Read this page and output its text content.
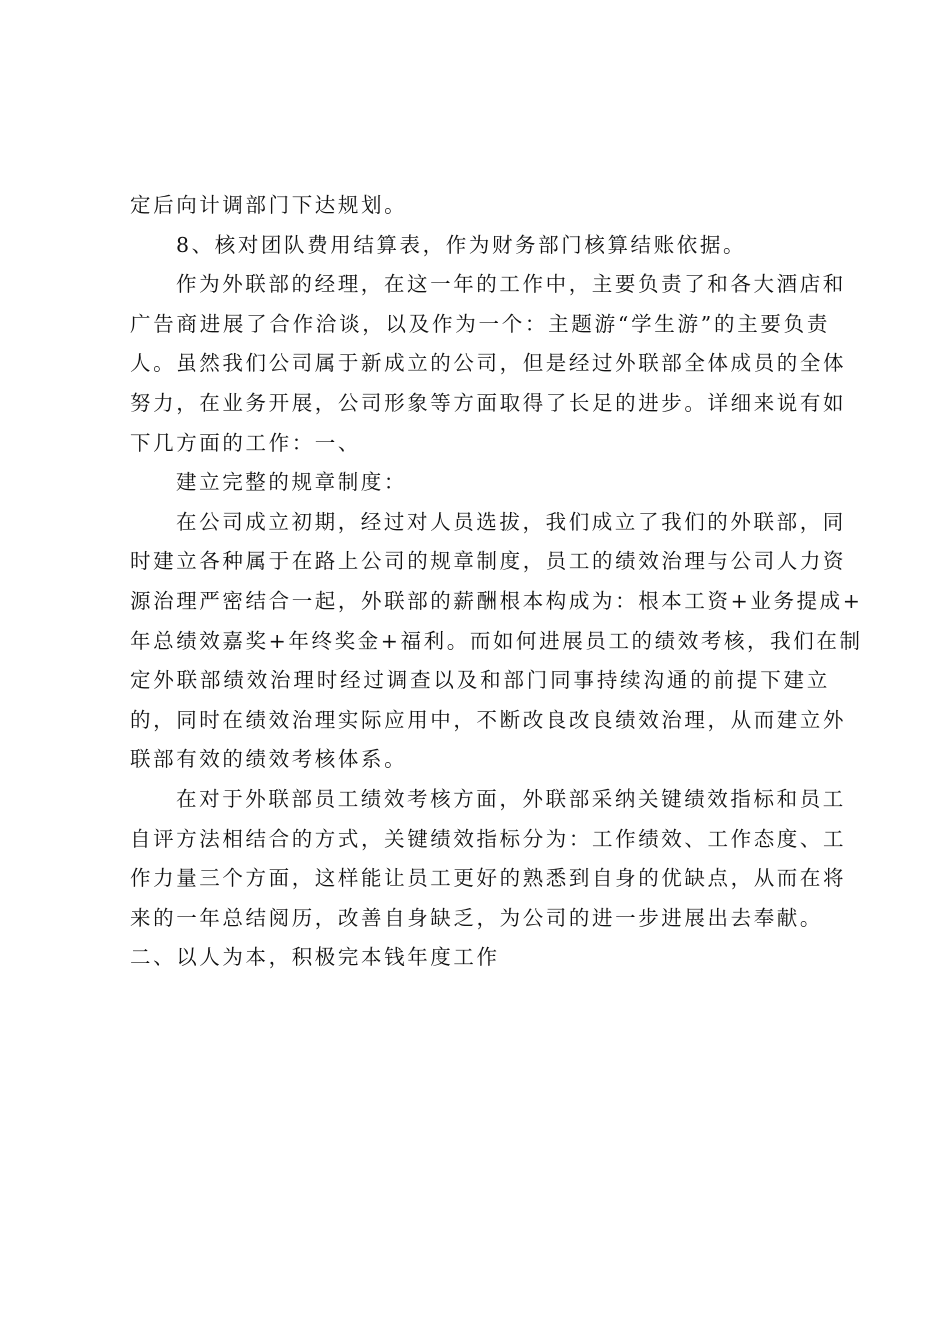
定后向计调部门下达规划。

8、核对团队费用结算表，作为财务部门核算结账依据。

作为外联部的经理，在这一年的工作中，主要负责了和各大酒店和
广告商进展了合作洽谈，以及作为一个：主题游“学生游”的主要负责
人。虽然我们公司属于新成立的公司，但是经过外联部全体成员的全体
努力，在业务开展，公司形象等方面取得了长足的进步。详细来说有如
下几方面的工作：一、

建立完整的规章制度：

在公司成立初期，经过对人员选拔，我们成立了我们的外联部，同
时建立各种属于在路上公司的规章制度，员工的绩效治理与公司人力资
源治理严密结合一起，外联部的薪酬根本构成为：根本工资+业务提成+
年总绩效嘉奖+年终奖金+福利。而如何进展员工的绩效考核，我们在制
定外联部绩效治理时经过调查以及和部门同事持续沟通的前提下建立
的，同时在绩效治理实际应用中，不断改良改良绩效治理，从而建立外
联部有效的绩效考核体系。

在对于外联部员工绩效考核方面，外联部采纳关键绩效指标和员工
自评方法相结合的方式，关键绩效指标分为：工作绩效、工作态度、工
作力量三个方面，这样能让员工更好的熟悉到自身的优缺点，从而在将
来的一年总结阅历，改善自身缺乏，为公司的进一步进展出去奉献。

二、以人为本，积极完本钱年度工作
